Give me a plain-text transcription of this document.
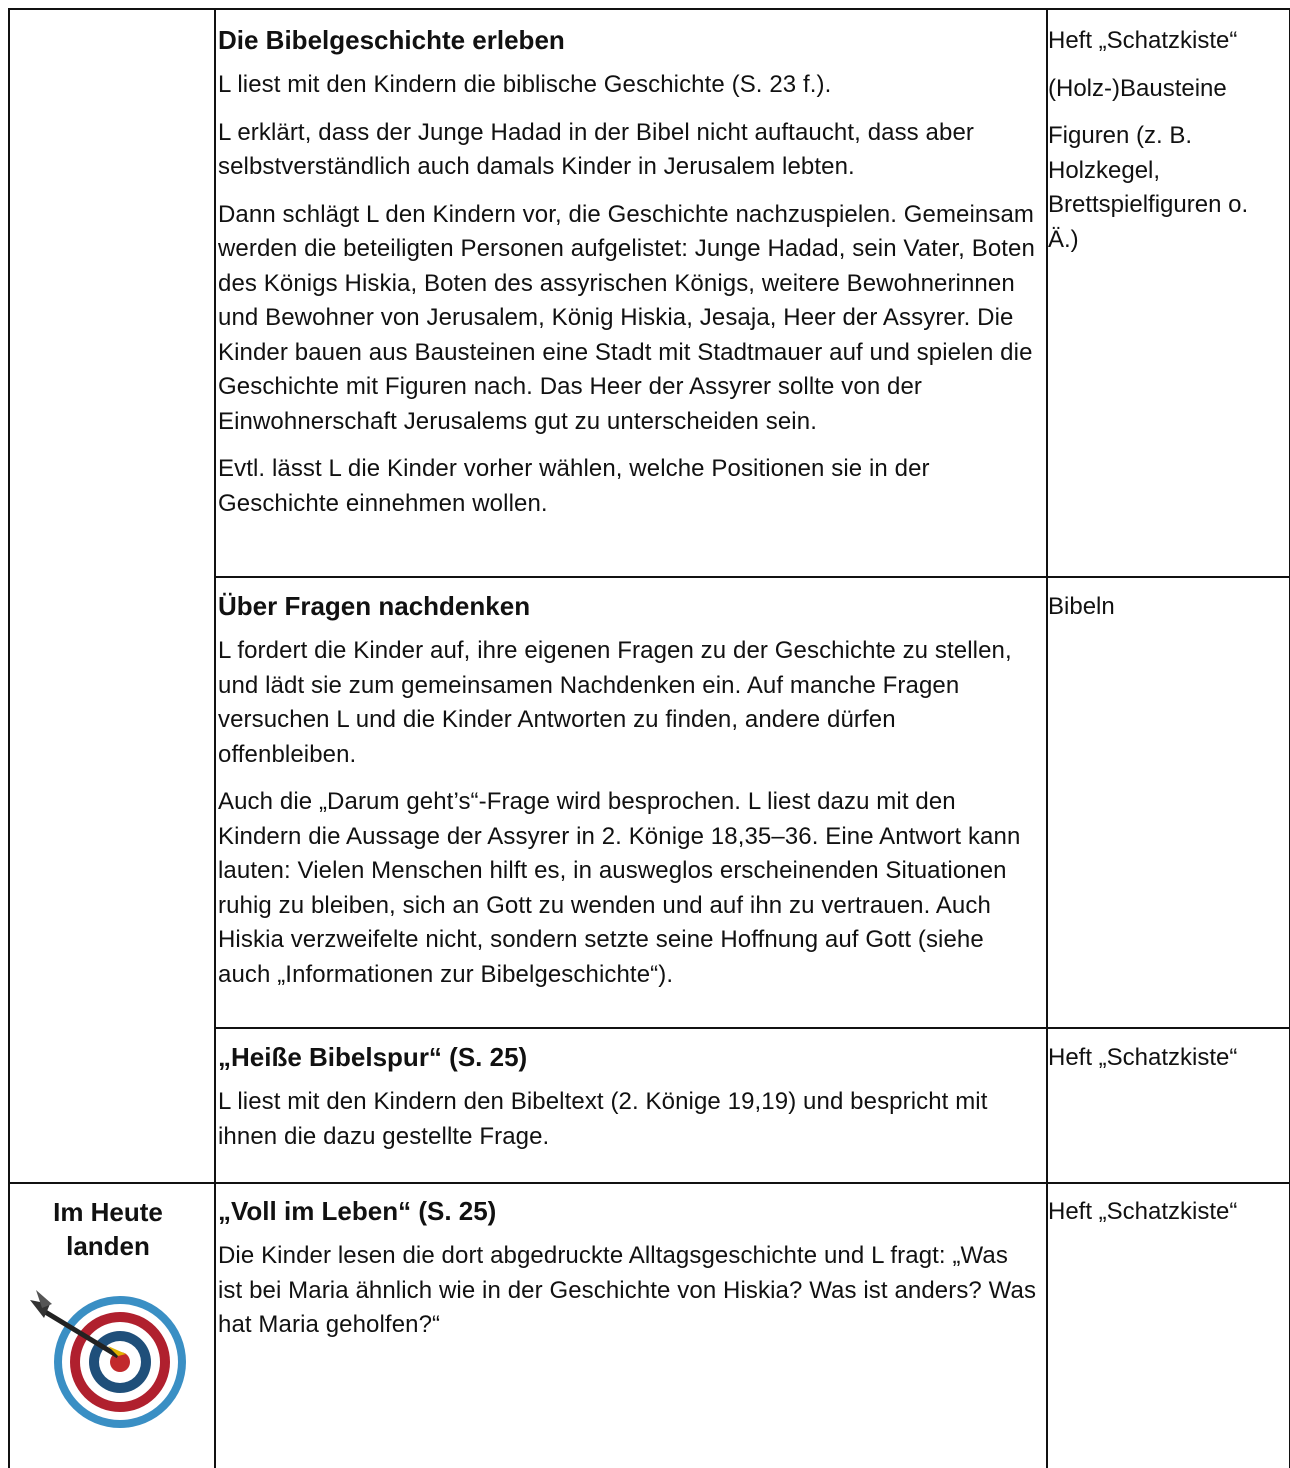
Die Bibelgeschichte erleben

L liest mit den Kindern die biblische Geschichte (S. 23 f.).

L erklärt, dass der Junge Hadad in der Bibel nicht auftaucht, dass aber selbstverständlich auch damals Kinder in Jerusalem lebten.

Dann schlägt L den Kindern vor, die Geschichte nachzuspielen. Gemeinsam werden die beteiligten Personen aufgelistet: Junge Hadad, sein Vater, Boten des Königs Hiskia, Boten des assyrischen Königs, weitere Bewohnerinnen und Bewohner von Jerusalem, König Hiskia, Jesaja, Heer der Assyrer. Die Kinder bauen aus Bausteinen eine Stadt mit Stadtmauer auf und spielen die Geschichte mit Figuren nach. Das Heer der Assyrer sollte von der Einwohnerschaft Jerusalems gut zu unterscheiden sein.

Evtl. lässt L die Kinder vorher wählen, welche Positionen sie in der Geschichte einnehmen wollen.

Heft „Schatzkiste“

(Holz-)Bausteine

Figuren (z. B. Holzkegel, Brettspielfiguren o. Ä.)

Über Fragen nachdenken

L fordert die Kinder auf, ihre eigenen Fragen zu der Geschichte zu stellen, und lädt sie zum gemeinsamen Nachdenken ein. Auf manche Fragen versuchen L und die Kinder Antworten zu finden, andere dürfen offenbleiben.

Auch die „Darum geht’s“-Frage wird besprochen. L liest dazu mit den Kindern die Aussage der Assyrer in 2. Könige 18,35–36. Eine Antwort kann lauten: Vielen Menschen hilft es, in ausweglos erscheinenden Situationen ruhig zu bleiben, sich an Gott zu wenden und auf ihn zu vertrauen. Auch Hiskia verzweifelte nicht, sondern setzte seine Hoffnung auf Gott (siehe auch „Informationen zur Bibelgeschichte“).

Bibeln

„Heiße Bibelspur“ (S. 25)

L liest mit den Kindern den Bibeltext (2. Könige 19,19) und bespricht mit ihnen die dazu gestellte Frage.

Heft „Schatzkiste“

Im Heute landen
„Voll im Leben“ (S. 25)

Die Kinder lesen die dort abgedruckte Alltagsgeschichte und L fragt: „Was ist bei Maria ähnlich wie in der Geschichte von Hiskia? Was ist anders? Was hat Maria geholfen?“

Heft „Schatzkiste“
